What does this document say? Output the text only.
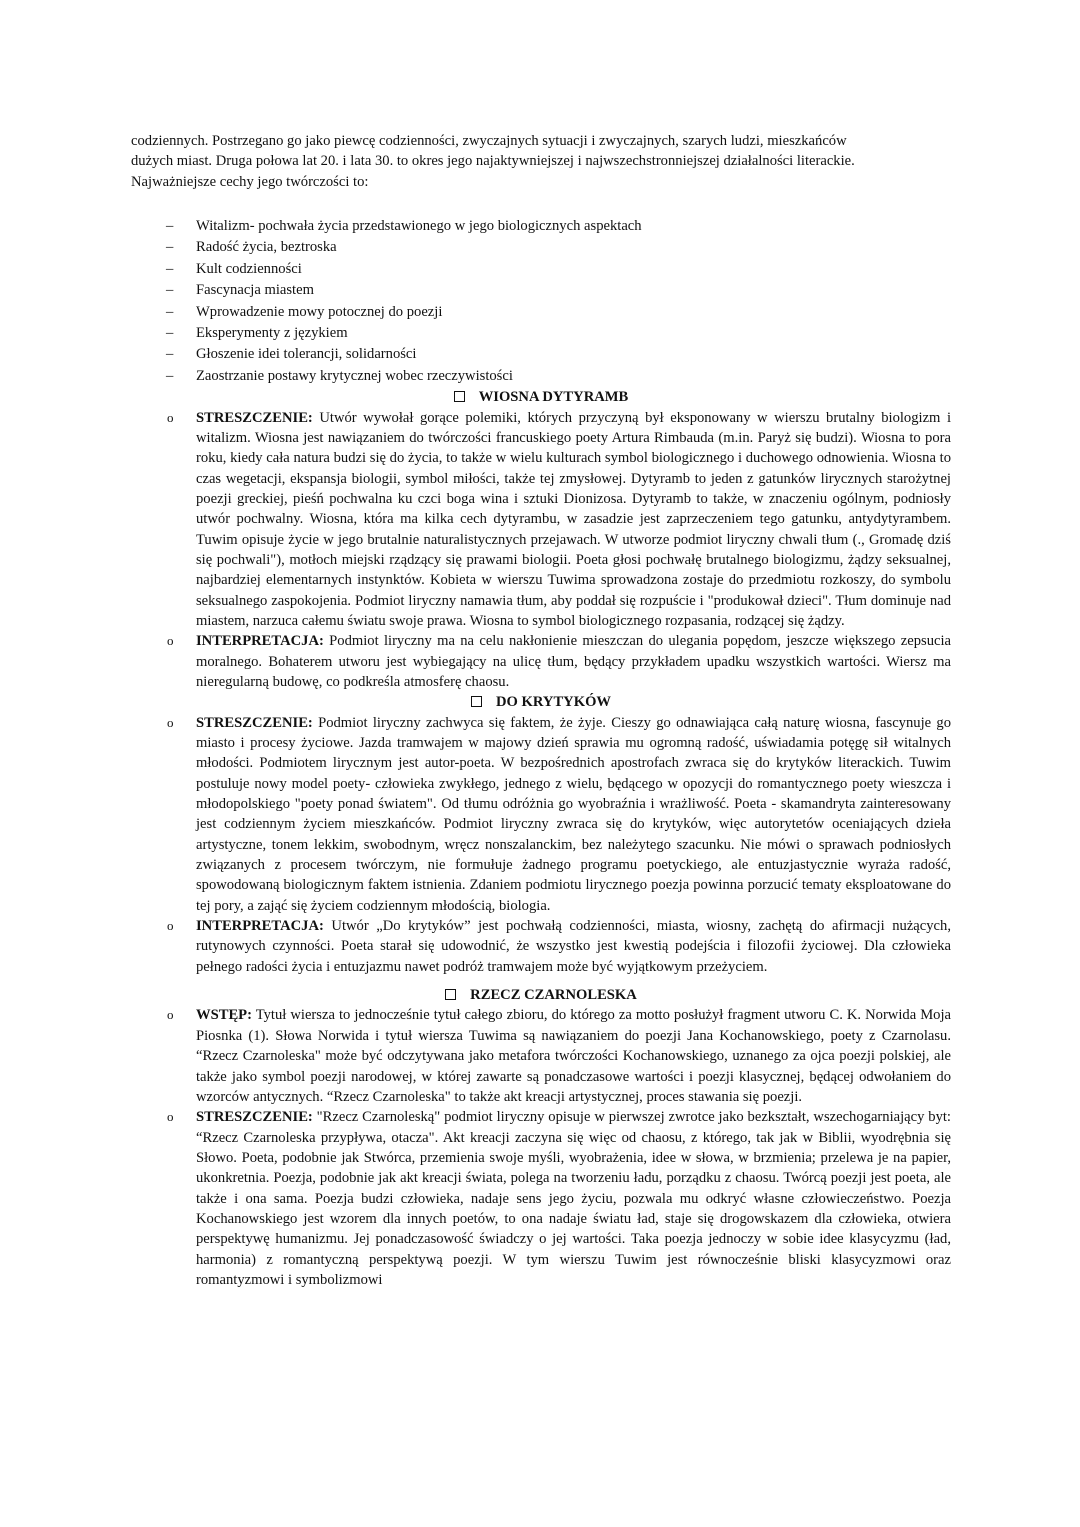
codziennych. Postrzegano go jako piewcę codzienności, zwyczajnych sytuacji i zwyczajnych, szarych ludzi, mieszkańców

dużych miast. Druga połowa lat 20. i lata 30. to okres jego najaktywniejszej i najwszechstronniejszej działalności literackie.

Najważniejsze cechy jego twórczości to:

– Witalizm- pochwała życia przedstawionego w jego biologicznych aspektach
– Radość życia, beztroska
– Kult codzienności
– Fascynacja miastem
– Wprowadzenie mowy potocznej do poezji
– Eksperymenty z językiem
– Głoszenie idei tolerancji, solidarności
– Zaostrzanie postawy krytycznej wobec rzeczywistości

WIOSNA DYTYRAMB

o STRESZCZENIE: Utwór wywołał gorące polemiki, których przyczyną był eksponowany w wierszu brutalny biologizm i witalizm. Wiosna jest nawiązaniem do twórczości francuskiego poety Artura Rimbauda (m.in. Paryż się budzi). Wiosna to pora roku, kiedy cała natura budzi się do życia, to także w wielu kulturach symbol biologicznego i duchowego odnowienia. Wiosna to czas wegetacji, ekspansja biologii, symbol miłości, także tej zmysłowej. Dytyramb to jeden z gatunków lirycznych starożytnej poezji greckiej, pieśń pochwalna ku czci boga wina i sztuki Dionizosa. Dytyramb to także, w znaczeniu ogólnym, podniosły utwór pochwalny. Wiosna, która ma kilka cech dytyrambu, w zasadzie jest zaprzeczeniem tego gatunku, antydytyrambem. Tuwim opisuje życie w jego brutalnie naturalistycznych przejawach. W utworze podmiot liryczny chwali tłum (., Gromadę dziś się pochwali"), motłoch miejski rządzący się prawami biologii. Poeta głosi pochwałę brutalnego biologizmu, żądzy seksualnej, najbardziej elementarnych instynktów. Kobieta w wierszu Tuwima sprowadzona zostaje do przedmiotu rozkoszy, do symbolu seksualnego zaspokojenia. Podmiot liryczny namawia tłum, aby poddał się rozpuście i "produkował dzieci". Tłum dominuje nad miastem, narzuca całemu światu swoje prawa. Wiosna to symbol biologicznego rozpasania, rodzącej się żądzy.
o INTERPRETACJA: Podmiot liryczny ma na celu nakłonienie mieszczan do ulegania popędom, jeszcze większego zepsucia moralnego. Bohaterem utworu jest wybiegający na ulicę tłum, będący przykładem upadku wszystkich wartości. Wiersz ma nieregularną budowę, co podkreśla atmosferę chaosu.

DO KRYTYKÓW

o STRESZCZENIE: Podmiot liryczny zachwyca się faktem, że żyje. Cieszy go odnawiająca całą naturę wiosna, fascynuje go miasto i procesy życiowe. Jazda tramwajem w majowy dzień sprawia mu ogromną radość, uświadamia potęgę sił witalnych młodości. Podmiotem lirycznym jest autor-poeta. W bezpośrednich apostrofach zwraca się do krytyków literackich. Tuwim postuluje nowy model poety- człowieka zwykłego, jednego z wielu, będącego w opozycji do romantycznego poety wieszcza i młodopolskiego "poety ponad światem". Od tłumu odróżnia go wyobraźnia i wrażliwość. Poeta - skamandryta zainteresowany jest codziennym życiem mieszkańców. Podmiot liryczny zwraca się do krytyków, więc autorytetów oceniających dzieła artystyczne, tonem lekkim, swobodnym, wręcz nonszalanckim, bez należytego szacunku. Nie mówi o sprawach podniosłych związanych z procesem twórczym, nie formułuje żadnego programu poetyckiego, ale entuzjastycznie wyraża radość, spowodowaną biologicznym faktem istnienia. Zdaniem podmiotu lirycznego poezja powinna porzucić tematy eksploatowane do tej pory, a zająć się życiem codziennym młodością, biologia.
o INTERPRETACJA: Utwór „Do krytyków” jest pochwałą codzienności, miasta, wiosny, zachętą do afirmacji nużących, rutynowych czynności. Poeta starał się udowodnić, że wszystko jest kwestią podejścia i filozofii życiowej. Dla człowieka pełnego radości życia i entuzjazmu nawet podróż tramwajem może być wyjątkowym przeżyciem.

RZECZ CZARNOLESKA

o WSTĘP: Tytuł wiersza to jednocześnie tytuł całego zbioru, do którego za motto posłużył fragment utworu C. K. Norwida Moja Piosnka (1). Słowa Norwida i tytuł wiersza Tuwima są nawiązaniem do poezji Jana Kochanowskiego, poety z Czarnolasu. “Rzecz Czarnoleska" może być odczytywana jako metafora twórczości Kochanowskiego, uznanego za ojca poezji polskiej, ale także jako symbol poezji narodowej, w której zawarte są ponadczasowe wartości i poezji klasycznej, będącej odwołaniem do wzorców antycznych. “Rzecz Czarnoleska" to także akt kreacji artystycznej, proces stawania się poezji.
o STRESZCZENIE: "Rzecz Czarnoleską" podmiot liryczny opisuje w pierwszej zwrotce jako bezkształt, wszechogarniający byt: “Rzecz Czarnoleska przypływa, otacza". Akt kreacji zaczyna się więc od chaosu, z którego, tak jak w Biblii, wyodrębnia się Słowo. Poeta, podobnie jak Stwórca, przemienia swoje myśli, wyobrażenia, idee w słowa, w brzmienia; przelewa je na papier, ukonkretnia. Poezja, podobnie jak akt kreacji świata, polega na tworzeniu ładu, porządku z chaosu. Twórcą poezji jest poeta, ale także i ona sama. Poezja budzi człowieka, nadaje sens jego życiu, pozwala mu odkryć własne człowieczeństwo. Poezja Kochanowskiego jest wzorem dla innych poetów, to ona nadaje światu ład, staje się drogowskazem dla człowieka, otwiera perspektywę humanizmu. Jej ponadczasowość świadczy o jej wartości. Taka poezja jednoczy w sobie idee klasycyzmu (ład, harmonia) z romantyczną perspektywą poezji. W tym wierszu Tuwim jest równocześnie bliski klasycyzmowi oraz romantyzmowi i symbolizmowi
